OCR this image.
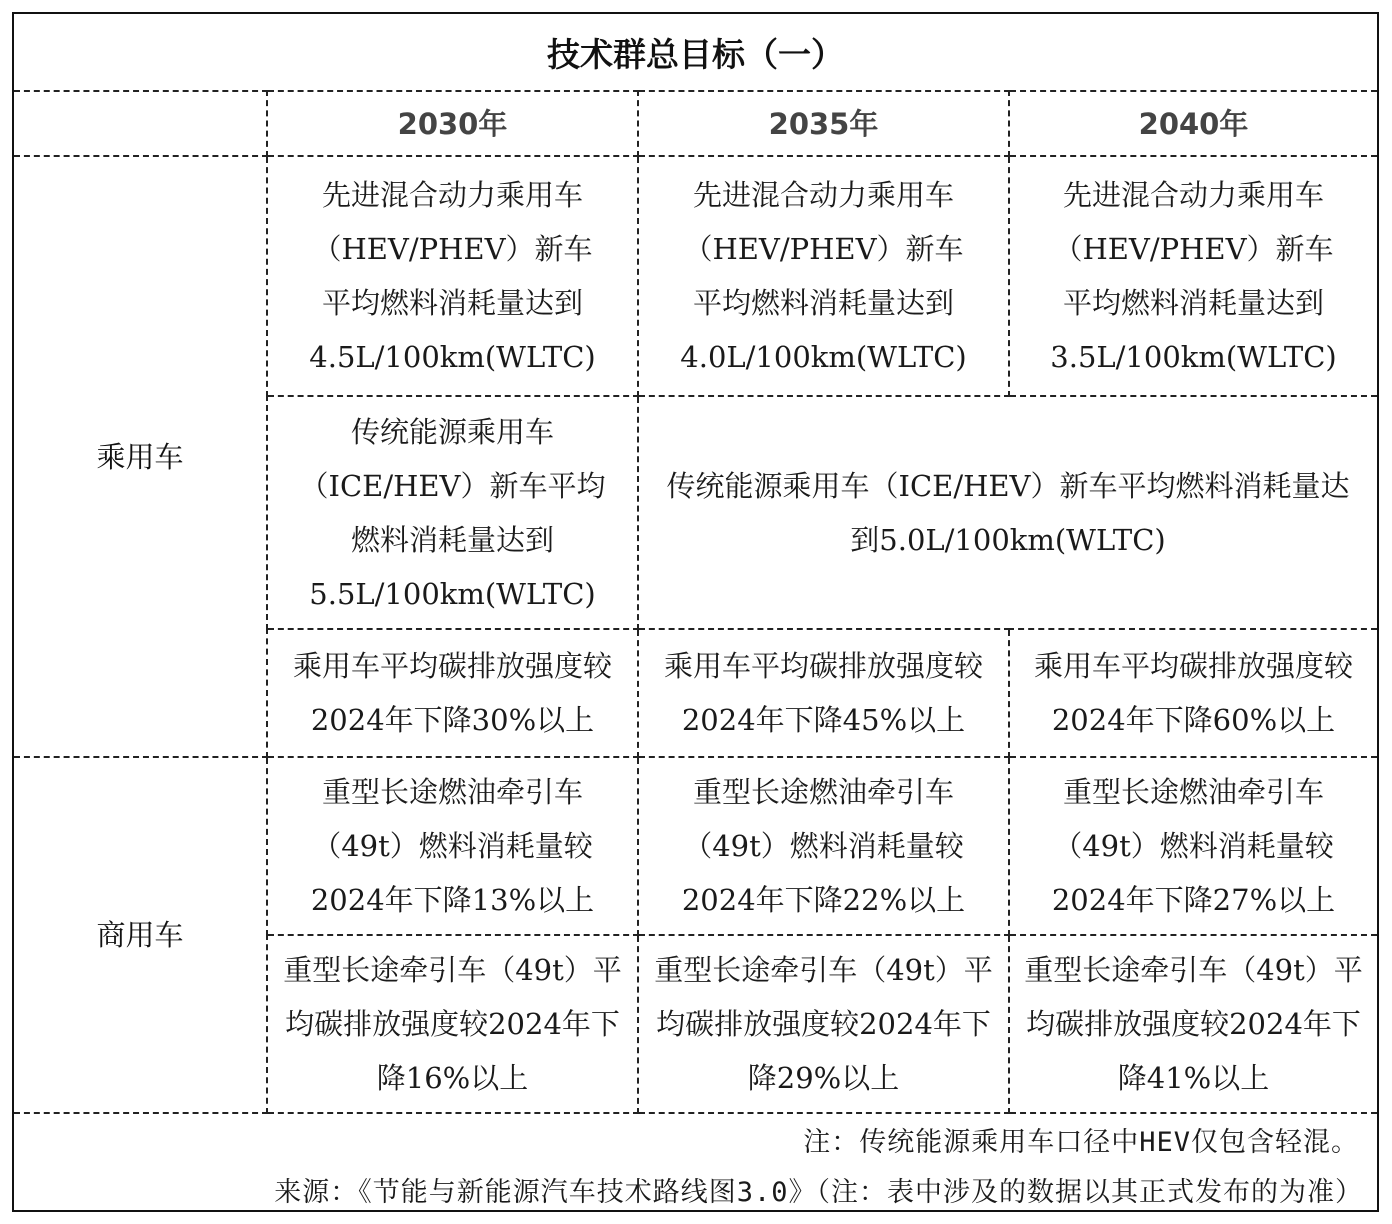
技术群总目标（一）
	2030年	2035年	2040年
乘用车	先进混合动力乘用车（HEV/PHEV）新车平均燃料消耗量达到4.5L/100km(WLTC)	先进混合动力乘用车（HEV/PHEV）新车平均燃料消耗量达到4.0L/100km(WLTC)	先进混合动力乘用车（HEV/PHEV）新车平均燃料消耗量达到3.5L/100km(WLTC)
	传统能源乘用车（ICE/HEV）新车平均燃料消耗量达到5.5L/100km(WLTC)	传统能源乘用车（ICE/HEV）新车平均燃料消耗量达到5.0L/100km(WLTC)	
	乘用车平均碳排放强度较2024年下降30%以上	乘用车平均碳排放强度较2024年下降45%以上	乘用车平均碳排放强度较2024年下降60%以上
商用车	重型长途燃油牵引车（49t）燃料消耗量较2024年下降13%以上	重型长途燃油牵引车（49t）燃料消耗量较2024年下降22%以上	重型长途燃油牵引车（49t）燃料消耗量较2024年下降27%以上
	重型长途牵引车（49t）平均碳排放强度较2024年下降16%以上	重型长途牵引车（49t）平均碳排放强度较2024年下降29%以上	重型长途牵引车（49t）平均碳排放强度较2024年下降41%以上
注：传统能源乘用车口径中HEV仅包含轻混。
来源：《节能与新能源汽车技术路线图3.0》（注：表中涉及的数据以其正式发布的为准）
